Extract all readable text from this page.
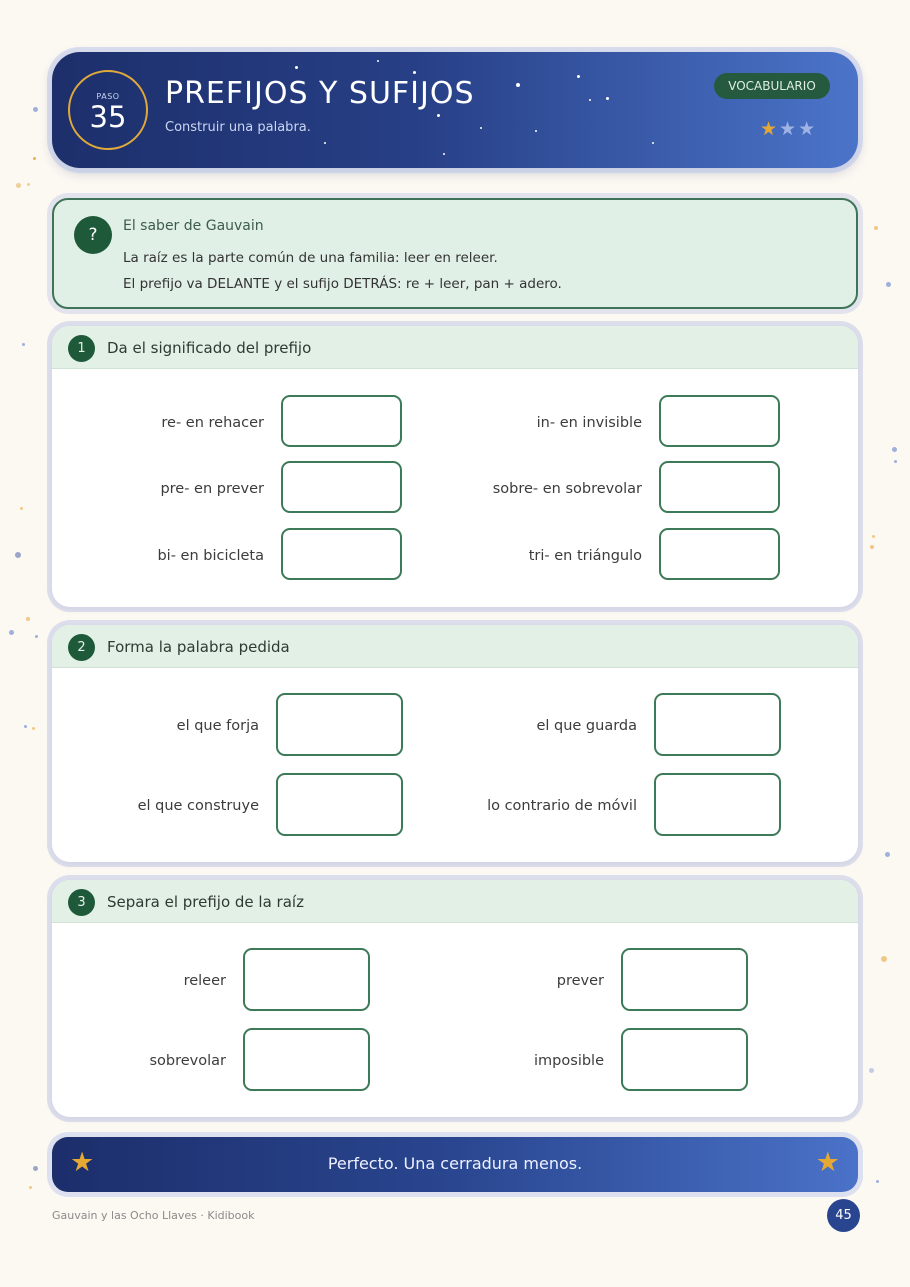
PASO
35
PREFIJOS Y SUFIJOS
Construir una palabra.
VOCABULARIO
★★★
?	El saber de Gauvain
La raíz es la parte común de una familia: leer en releer.
El prefijo va DELANTE y el sufijo DETRÁS: re + leer, pan + adero.
1	Da el significado del prefijo
re- en rehacer	in- en invisible
pre- en prever	sobre- en sobrevolar
bi- en bicicleta	tri- en triángulo
2	Forma la palabra pedida
el que forja	el que guarda
el que construye	lo contrario de móvil
3	Separa el prefijo de la raíz
releer	prever
sobrevolar	imposible
★	Perfecto. Una cerradura menos.	★
Gauvain y las Ocho Llaves · Kidibook	45
